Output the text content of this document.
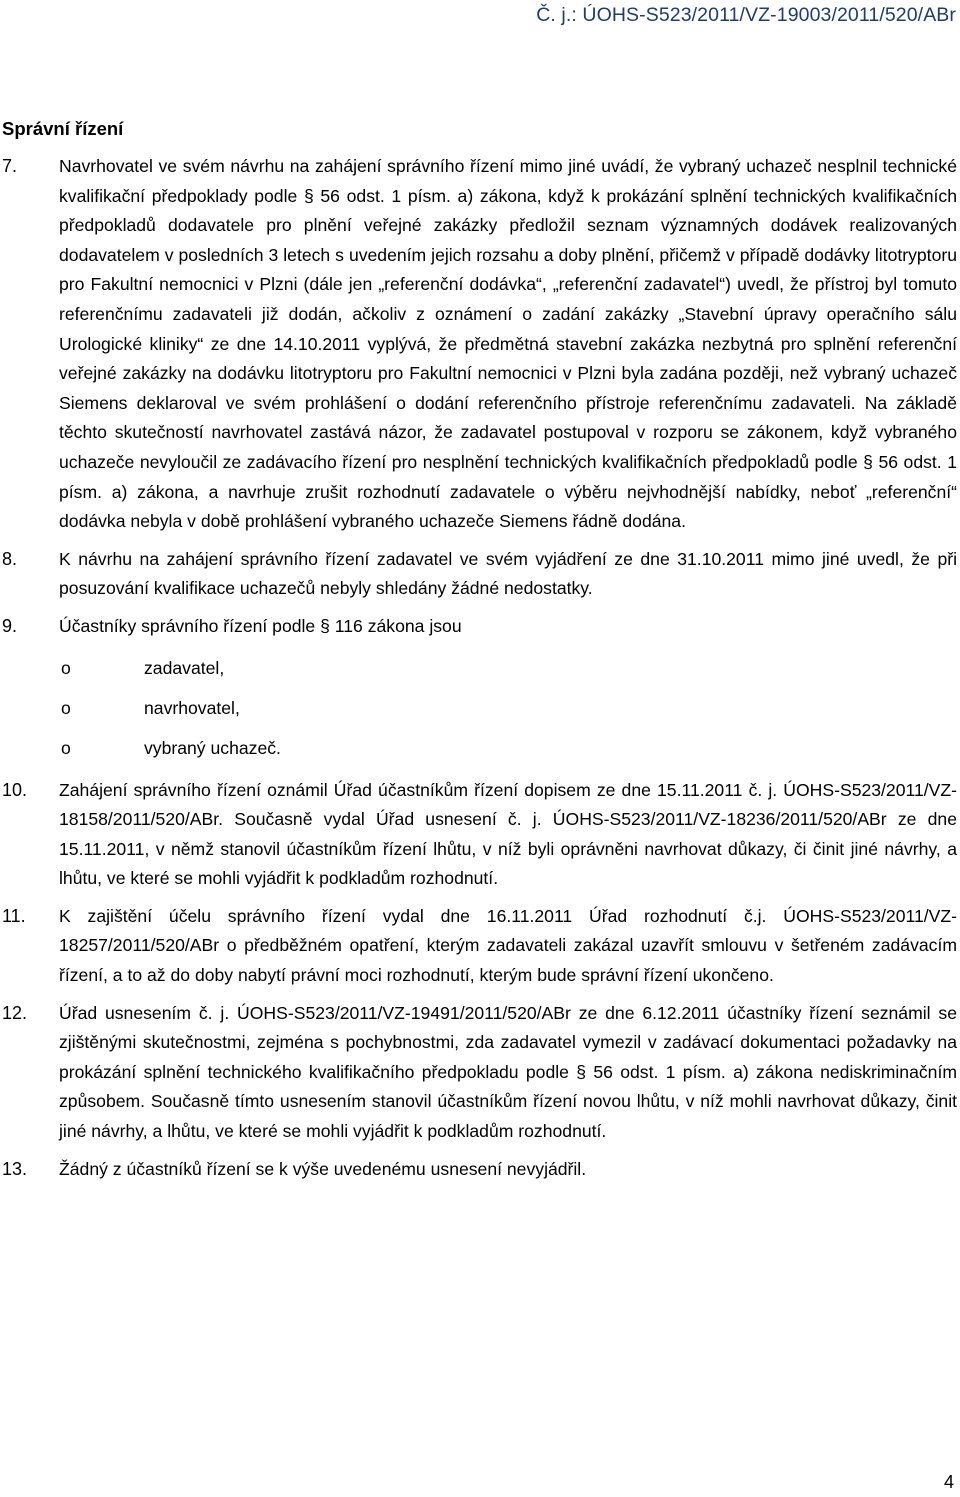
Č. j.: ÚOHS-S523/2011/VZ-19003/2011/520/ABr
Správní řízení
7.	Navrhovatel ve svém návrhu na zahájení správního řízení mimo jiné uvádí, že vybraný uchazeč nesplnil technické kvalifikační předpoklady podle § 56 odst. 1 písm. a) zákona, když k prokázání splnění technických kvalifikačních předpokladů dodavatele pro plnění veřejné zakázky předložil seznam významných dodávek realizovaných dodavatelem v posledních 3 letech s uvedením jejich rozsahu a doby plnění, přičemž v případě dodávky litotryptoru pro Fakultní nemocnici v Plzni (dále jen „referenční dodávka“, „referenční zadavatel“) uvedl, že přístroj byl tomuto referenčnímu zadavateli již dodán, ačkoliv z oznámení o zadání zakázky „Stavební úpravy operačního sálu Urologické kliniky“ ze dne 14.10.2011 vyplývá, že předmětná stavební zakázka nezbytná pro splnění referenční veřejné zakázky na dodávku litotryptoru pro Fakultní nemocnici v Plzni byla zadána později, než vybraný uchazeč Siemens deklaroval ve svém prohlášení o dodání referenčního přístroje referenčnímu zadavateli. Na základě těchto skutečností navrhovatel zastává názor, že zadavatel postupoval v rozporu se zákonem, když vybraného uchazeče nevyloučil ze zadávacího řízení pro nesplnění technických kvalifikačních předpokladů podle § 56 odst. 1 písm. a) zákona, a navrhuje zrušit rozhodnutí zadavatele o výběru nejvhodnější nabídky, neboť „referenční“ dodávka nebyla v době prohlášení vybraného uchazeče Siemens řádně dodána.
8.	K návrhu na zahájení správního řízení zadavatel ve svém vyjádření ze dne 31.10.2011 mimo jiné uvedl, že při posuzování kvalifikace uchazečů nebyly shledány žádné nedostatky.
9.	Účastníky správního řízení podle § 116 zákona jsou
o	zadavatel,
o	navrhovatel,
o	vybraný uchazeč.
10.	Zahájení správního řízení oznámil Úřad účastníkům řízení dopisem ze dne 15.11.2011 č. j. ÚOHS-S523/2011/VZ-18158/2011/520/ABr. Současně vydal Úřad usnesení č. j. ÚOHS-S523/2011/VZ-18236/2011/520/ABr ze dne 15.11.2011, v němž stanovil účastníkům řízení lhůtu, v níž byli oprávněni navrhovat důkazy, či činit jiné návrhy, a lhůtu, ve které se mohli vyjádřit k podkladům rozhodnutí.
11.	K zajištění účelu správního řízení vydal dne 16.11.2011 Úřad rozhodnutí č.j. ÚOHS-S523/2011/VZ-18257/2011/520/ABr o předběžném opatření, kterým zadavateli zakázal uzavřít smlouvu v šetřeném zadávacím řízení, a to až do doby nabytí právní moci rozhodnutí, kterým bude správní řízení ukončeno.
12.	Úřad usnesením č. j. ÚOHS-S523/2011/VZ-19491/2011/520/ABr ze dne 6.12.2011 účastníky řízení seznámil se zjištěnými skutečnostmi, zejména s pochybnostmi, zda zadavatel vymezil v zadávací dokumentaci požadavky na prokázání splnění technického kvalifikačního předpokladu podle § 56 odst. 1 písm. a) zákona nediskriminačním způsobem. Současně tímto usnesením stanovil účastníkům řízení novou lhůtu, v níž mohli navrhovat důkazy, činit jiné návrhy, a lhůtu, ve které se mohli vyjádřit k podkladům rozhodnutí.
13.	Žádný z účastníků řízení se k výše uvedenému usnesení nevyjádřil.
4
